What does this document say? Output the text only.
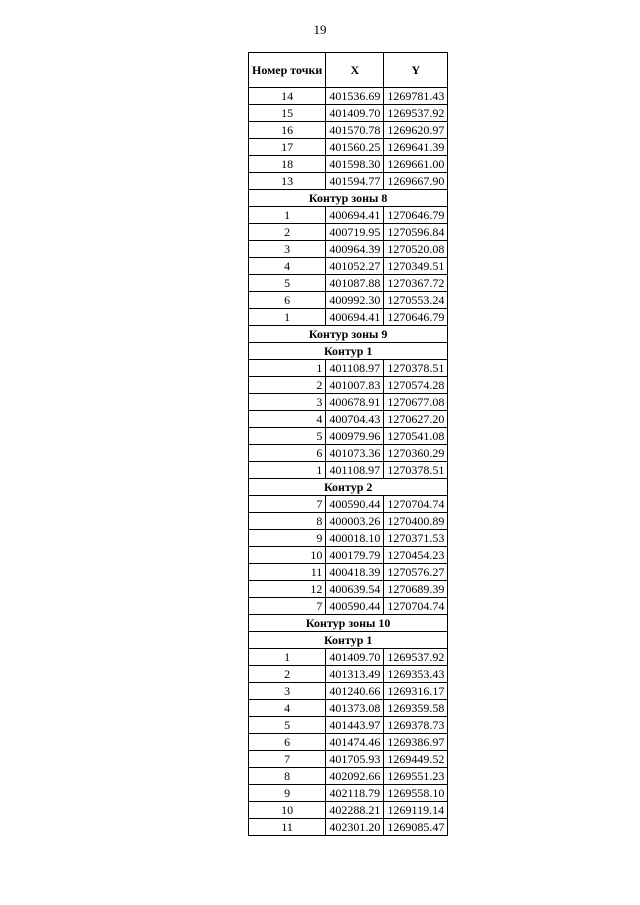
19
Номер точки	X	Y
14	401536.69	1269781.43
15	401409.70	1269537.92
16	401570.78	1269620.97
17	401560.25	1269641.39
18	401598.30	1269661.00
13	401594.77	1269667.90
Контур зоны 8		
1	400694.41	1270646.79
2	400719.95	1270596.84
3	400964.39	1270520.08
4	401052.27	1270349.51
5	401087.88	1270367.72
6	400992.30	1270553.24
1	400694.41	1270646.79
Контур зоны 9		
Контур 1		
1	401108.97	1270378.51
2	401007.83	1270574.28
3	400678.91	1270677.08
4	400704.43	1270627.20
5	400979.96	1270541.08
6	401073.36	1270360.29
1	401108.97	1270378.51
Контур 2		
7	400590.44	1270704.74
8	400003.26	1270400.89
9	400018.10	1270371.53
10	400179.79	1270454.23
11	400418.39	1270576.27
12	400639.54	1270689.39
7	400590.44	1270704.74
Контур зоны 10		
Контур 1		
1	401409.70	1269537.92
2	401313.49	1269353.43
3	401240.66	1269316.17
4	401373.08	1269359.58
5	401443.97	1269378.73
6	401474.46	1269386.97
7	401705.93	1269449.52
8	402092.66	1269551.23
9	402118.79	1269558.10
10	402288.21	1269119.14
11	402301.20	1269085.47
